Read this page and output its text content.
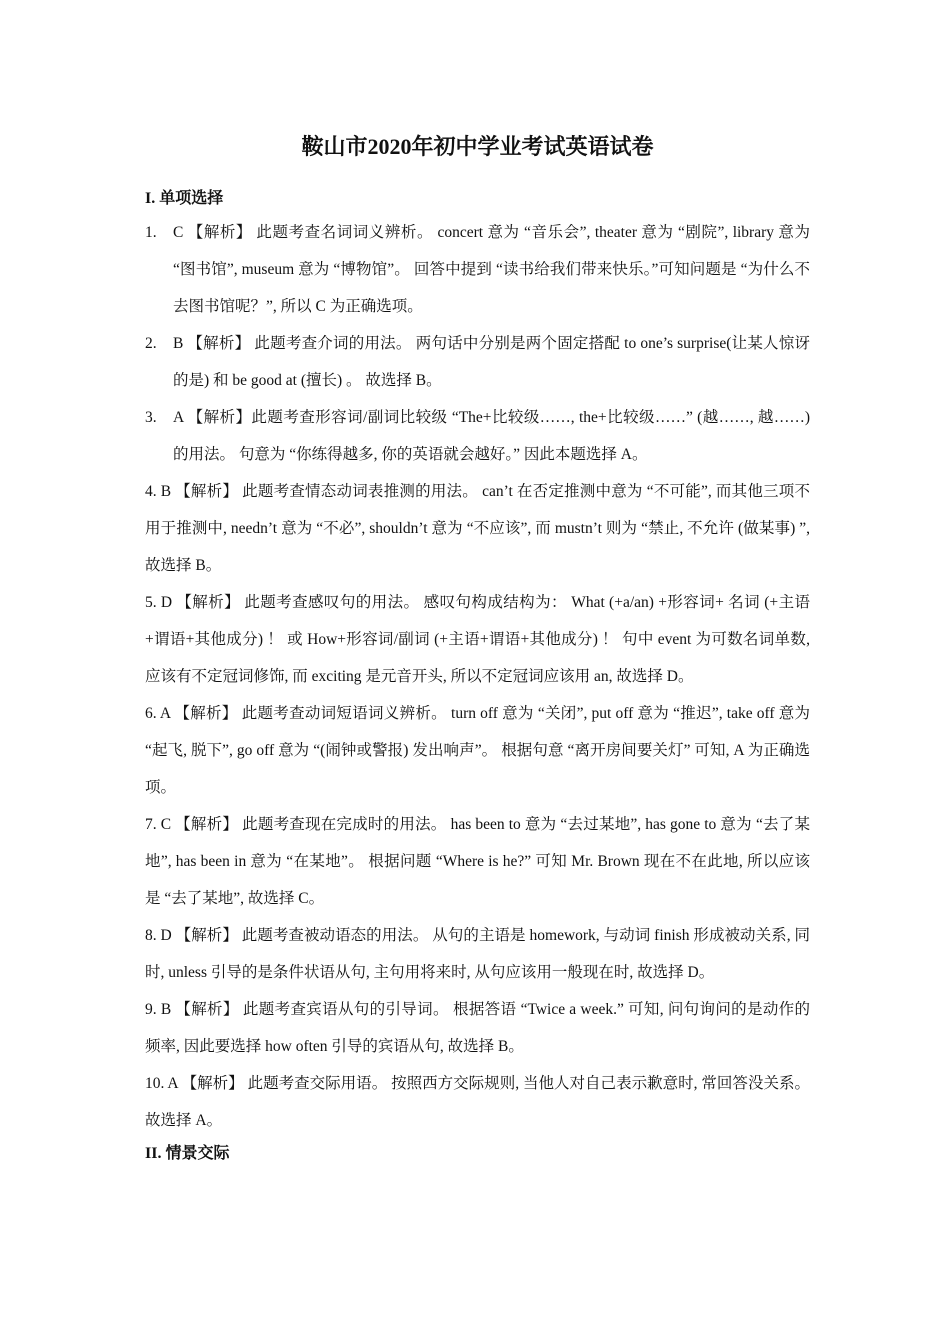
鞍山市2020年初中学业考试英语试卷
I. 单项选择
1. C 【解析】 此题考查名词词义辨析。 concert 意为 “音乐会”, theater 意为 “剧院”, library 意为 “图书馆”, museum 意为 “博物馆”。 回答中提到 “读书给我们带来快乐。”可知问题是 “为什么不去图书馆呢？”, 所以 C 为正确选项。
2. B 【解析】 此题考查介词的用法。 两句话中分别是两个固定搭配 to one’s surprise(让某人惊讶的是) 和 be good at (擅长) 。 故选择 B。
3. A 【解析】此题考查形容词/副词比较级 “The+比较级……, the+比较级……” (越……, 越……) 的用法。 句意为 “你练得越多, 你的英语就会越好。” 因此本题选择 A。
4. B 【解析】 此题考查情态动词表推测的用法。 can’t 在否定推测中意为 “不可能”, 而其他三项不用于推测中, needn’t 意为 “不必”, shouldn’t 意为 “不应该”, 而 mustn’t 则为 “禁止, 不允许 (做某事) ”, 故选择 B。
5. D 【解析】 此题考查感叹句的用法。 感叹句构成结构为： What (+a/an) +形容词+ 名词 (+主语+谓语+其他成分) ！ 或 How+形容词/副词 (+主语+谓语+其他成分) ！ 句中 event 为可数名词单数, 应该有不定冠词修饰, 而 exciting 是元音开头, 所以不定冠词应该用 an, 故选择 D。
6. A 【解析】 此题考查动词短语词义辨析。 turn off 意为 “关闭”, put off 意为 “推迟”, take off 意为 “起飞, 脱下”, go off 意为 “(闹钟或警报) 发出响声”。 根据句意 “离开房间要关灯” 可知, A 为正确选项。
7. C 【解析】 此题考查现在完成时的用法。 has been to 意为 “去过某地”, has gone to 意为 “去了某地”, has been in 意为 “在某地”。 根据问题 “Where is he?” 可知 Mr. Brown 现在不在此地, 所以应该是 “去了某地”, 故选择 C。
8. D 【解析】 此题考查被动语态的用法。 从句的主语是 homework, 与动词 finish 形成被动关系, 同时, unless 引导的是条件状语从句, 主句用将来时, 从句应该用一般现在时, 故选择 D。
9. B 【解析】 此题考查宾语从句的引导词。 根据答语 “Twice a week.” 可知, 问句询问的是动作的频率, 因此要选择 how often 引导的宾语从句, 故选择 B。
10. A 【解析】 此题考查交际用语。 按照西方交际规则, 当他人对自己表示歉意时, 常回答没关系。 故选择 A。
II. 情景交际
